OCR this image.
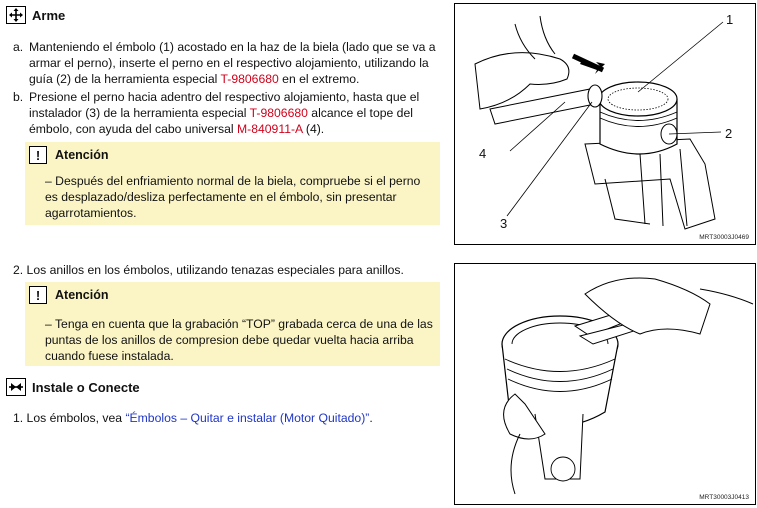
Arme
a. Manteniendo el émbolo (1) acostado en la haz de la biela (lado que se va a armar el perno), inserte el perno en el respectivo alojamiento, utilizando la guía (2) de la herramienta especial T-9806680 en el extremo.
b. Presione el perno hacia adentro del respectivo alojamiento, hasta que el instalador (3) de la herramienta especial T-9806680 alcance el tope del émbolo, con ayuda del cabo universal M-840911-A (4).
!	Atención
– Después del enfriamiento normal de la biela, compruebe si el perno es desplazado/desliza perfectamente en el émbolo, sin presentar agarrotamientos.
2. Los anillos en los émbolos, utilizando tenazas especiales para anillos.
!	Atención
– Tenga en cuenta que la grabación “TOP” grabada cerca de una de las puntas de los anillos de compresion debe quedar vuelta hacia arriba cuando fuese instalada.
Instale o Conecte
1. Los émbolos, vea “Émbolos – Quitar e instalar (Motor Quitado)”.
1
2
3
4
MRT30003J0469
MRT30003J0413
